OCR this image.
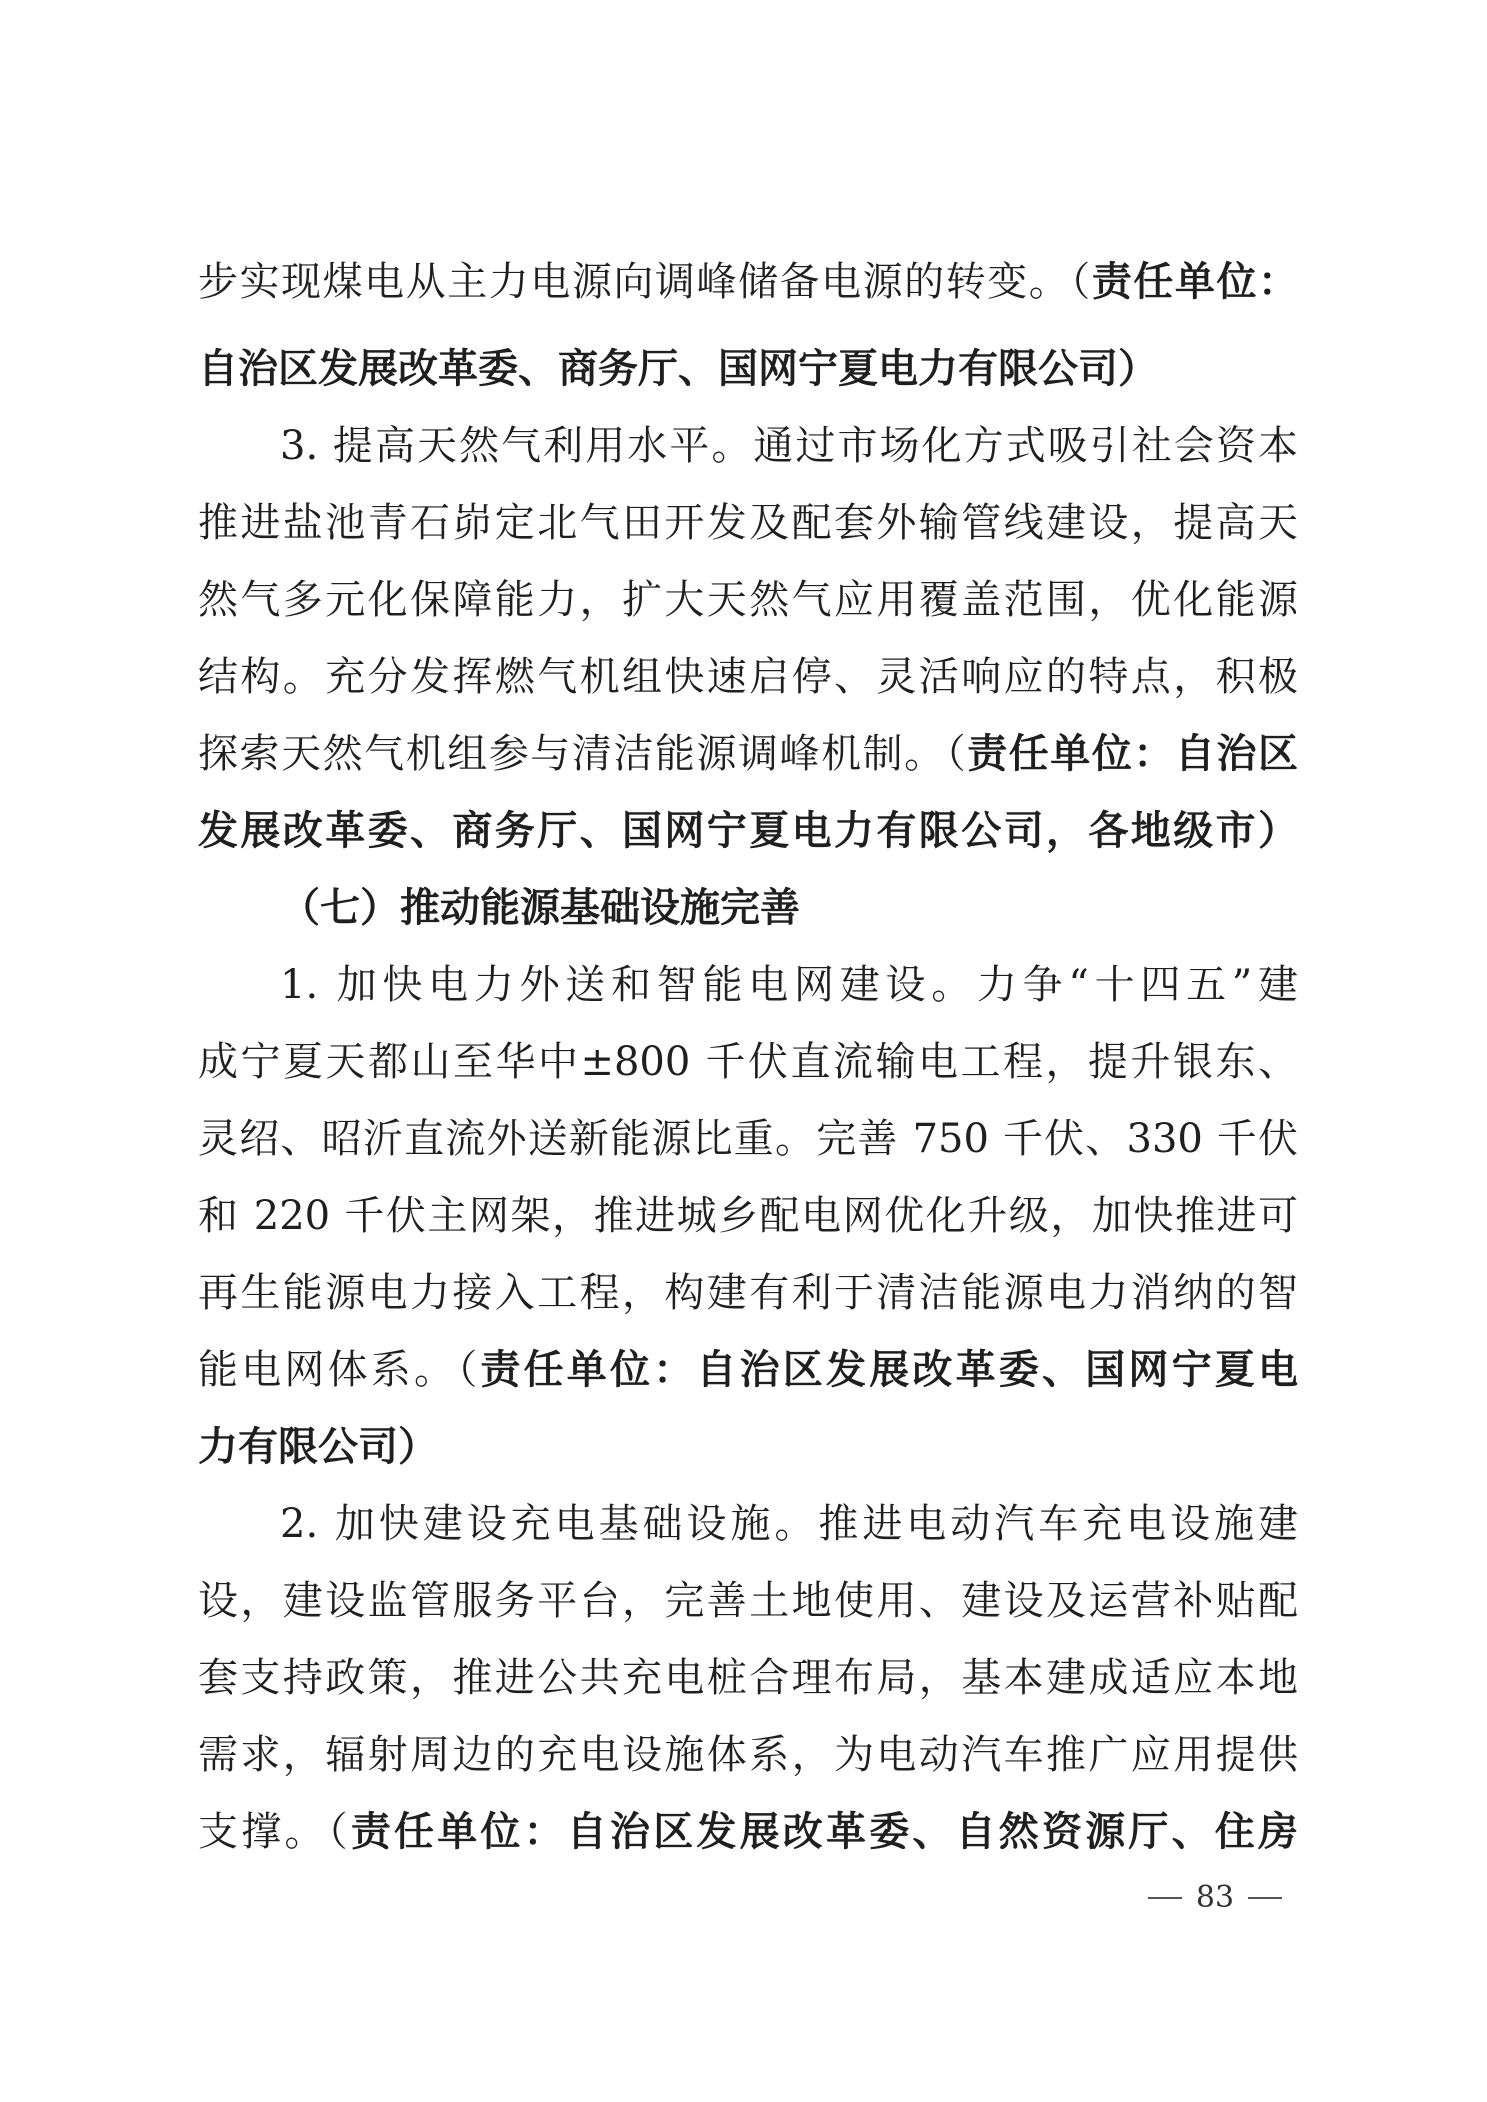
步实现煤电从主力电源向调峰储备电源的转变。（责任单位：
自治区发展改革委、商务厅、国网宁夏电力有限公司）
3. 提高天然气利用水平。通过市场化方式吸引社会资本
推进盐池青石峁定北气田开发及配套外输管线建设，提高天
然气多元化保障能力，扩大天然气应用覆盖范围，优化能源
结构。充分发挥燃气机组快速启停、灵活响应的特点，积极
探索天然气机组参与清洁能源调峰机制。（责任单位：自治区
发展改革委、商务厅、国网宁夏电力有限公司，各地级市）
（七）推动能源基础设施完善
1. 加快电力外送和智能电网建设。力争“十四五”建
成宁夏天都山至华中±800 千伏直流输电工程，提升银东、
灵绍、昭沂直流外送新能源比重。完善 750 千伏、330 千伏
和 220 千伏主网架，推进城乡配电网优化升级，加快推进可
再生能源电力接入工程，构建有利于清洁能源电力消纳的智
能电网体系。（责任单位：自治区发展改革委、国网宁夏电
力有限公司）
2. 加快建设充电基础设施。推进电动汽车充电设施建
设，建设监管服务平台，完善土地使用、建设及运营补贴配
套支持政策，推进公共充电桩合理布局，基本建成适应本地
需求，辐射周边的充电设施体系，为电动汽车推广应用提供
支撑。（责任单位：自治区发展改革委、自然资源厅、住房
83
